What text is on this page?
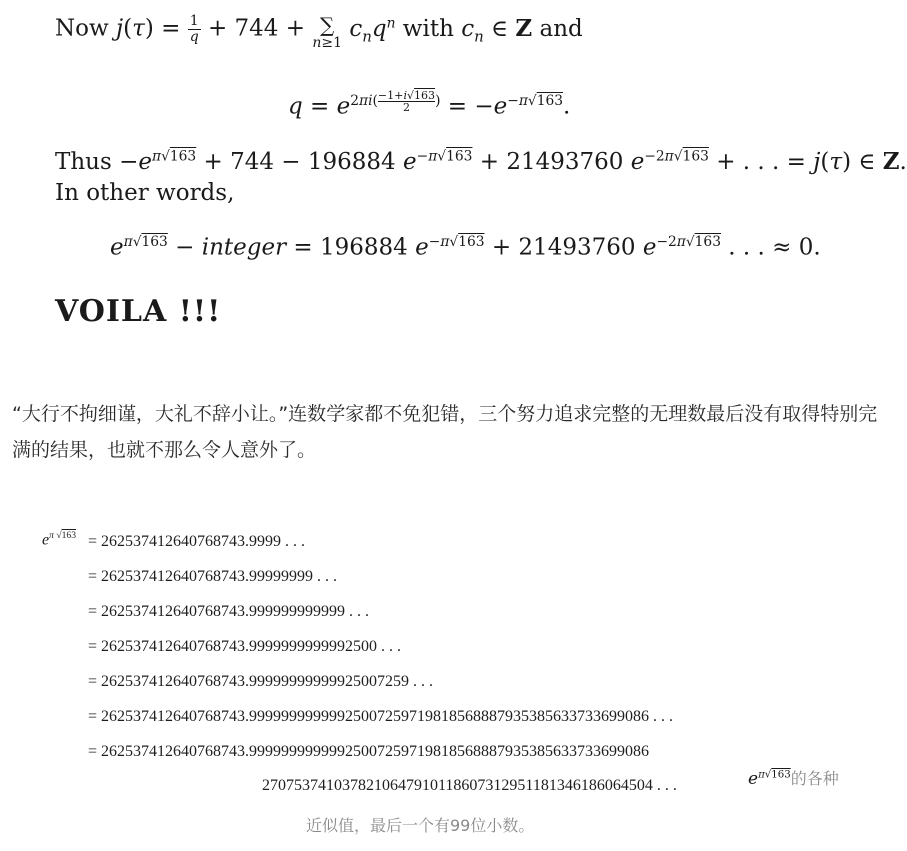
Now $j(\tau) = \frac{1}{q} + 744$ + ∑
n≥1
$c_nq^n$ with $c_n$ ∈ Z and
$q = e^{2\pi i( \frac{-1+i√163}{2} )} = -e^{-\pi√163}$.
Thus $-e^{\pi√163} + 744 - 196884$ $e^{-\pi√163} + 21493760$ $e^{-2\pi√163}$ + . . . = j(τ) ∈ Z.
In other words,
$e^{\pi√163}$ − integer = 196884 $e^{-\pi√163} + 21493760$ $e^{-2\pi√163}$ . . . ≈ 0.
VOILA !!!
“大行不拘细谨，大礼不辞小让。”连数学家都不免犯错，三个努力追求完整的无理数最后没有取得特别完满的结果，也就不那么令人意外了。
$e^{\pi √163} = 262537412640768743.9999$ . . .
= 262537412640768743.99999999 . . .
= 262537412640768743.999999999999 . . .
= 262537412640768743.9999999999992500 . . .
= 262537412640768743.99999999999925007259 . . .
= 262537412640768743.99999999999925007259719818568887935385633733699086 . . .
= 262537412640768743.99999999999925007259719818568887935385633733699086
2707537410378210647910118607312951181346186064504 . . .	$e^{\pi√163}$的各种
近似值，最后一个有99位小数。
